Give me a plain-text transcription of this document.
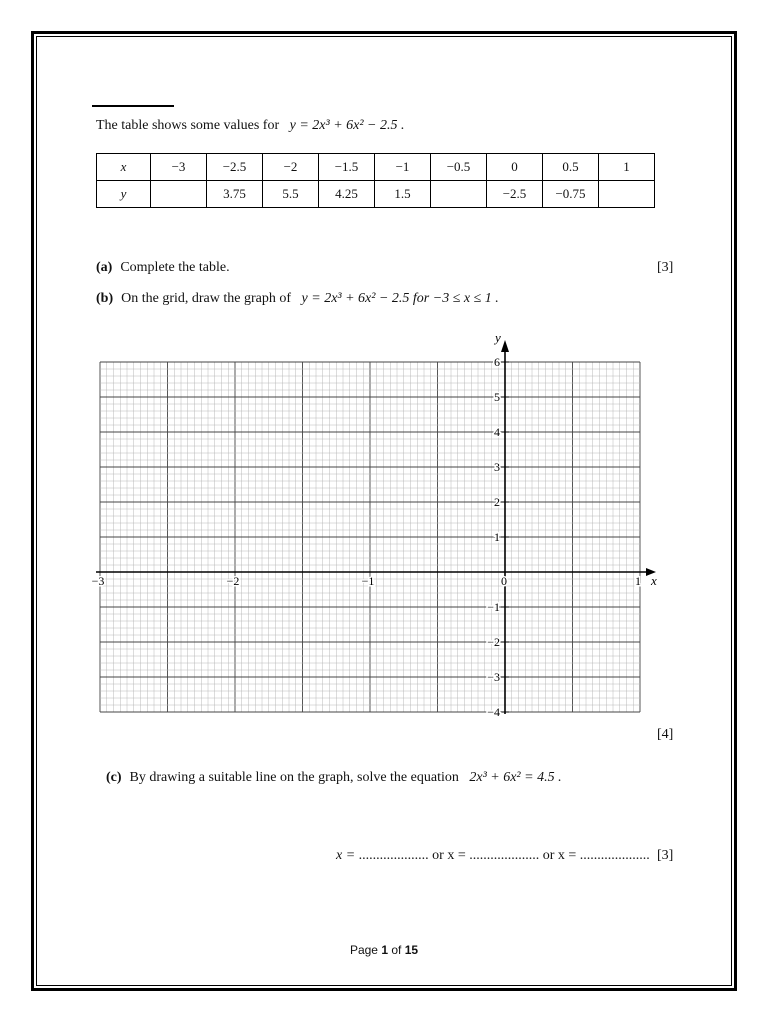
The table shows some values for y = 2x³ + 6x² − 2.5 .
x	−3	−2.5	−2	−1.5	−1	−0.5	0	0.5	1
y		3.75	5.5	4.25	1.5		−2.5	−0.75	
(a) Complete the table.	[3]
(b) On the grid, draw the graph of y = 2x³ + 6x² − 2.5 for −3 ≤ x ≤ 1 .
x
y
−3	−2	−1	0	1
6
5
4
3
2
1
−1
−2
−3
−4
[4]
(c) By drawing a suitable line on the graph, solve the equation 2x³ + 6x² = 4.5 .
x = .................... or x = .................... or x = .................... [3]
Page 1 of 15
